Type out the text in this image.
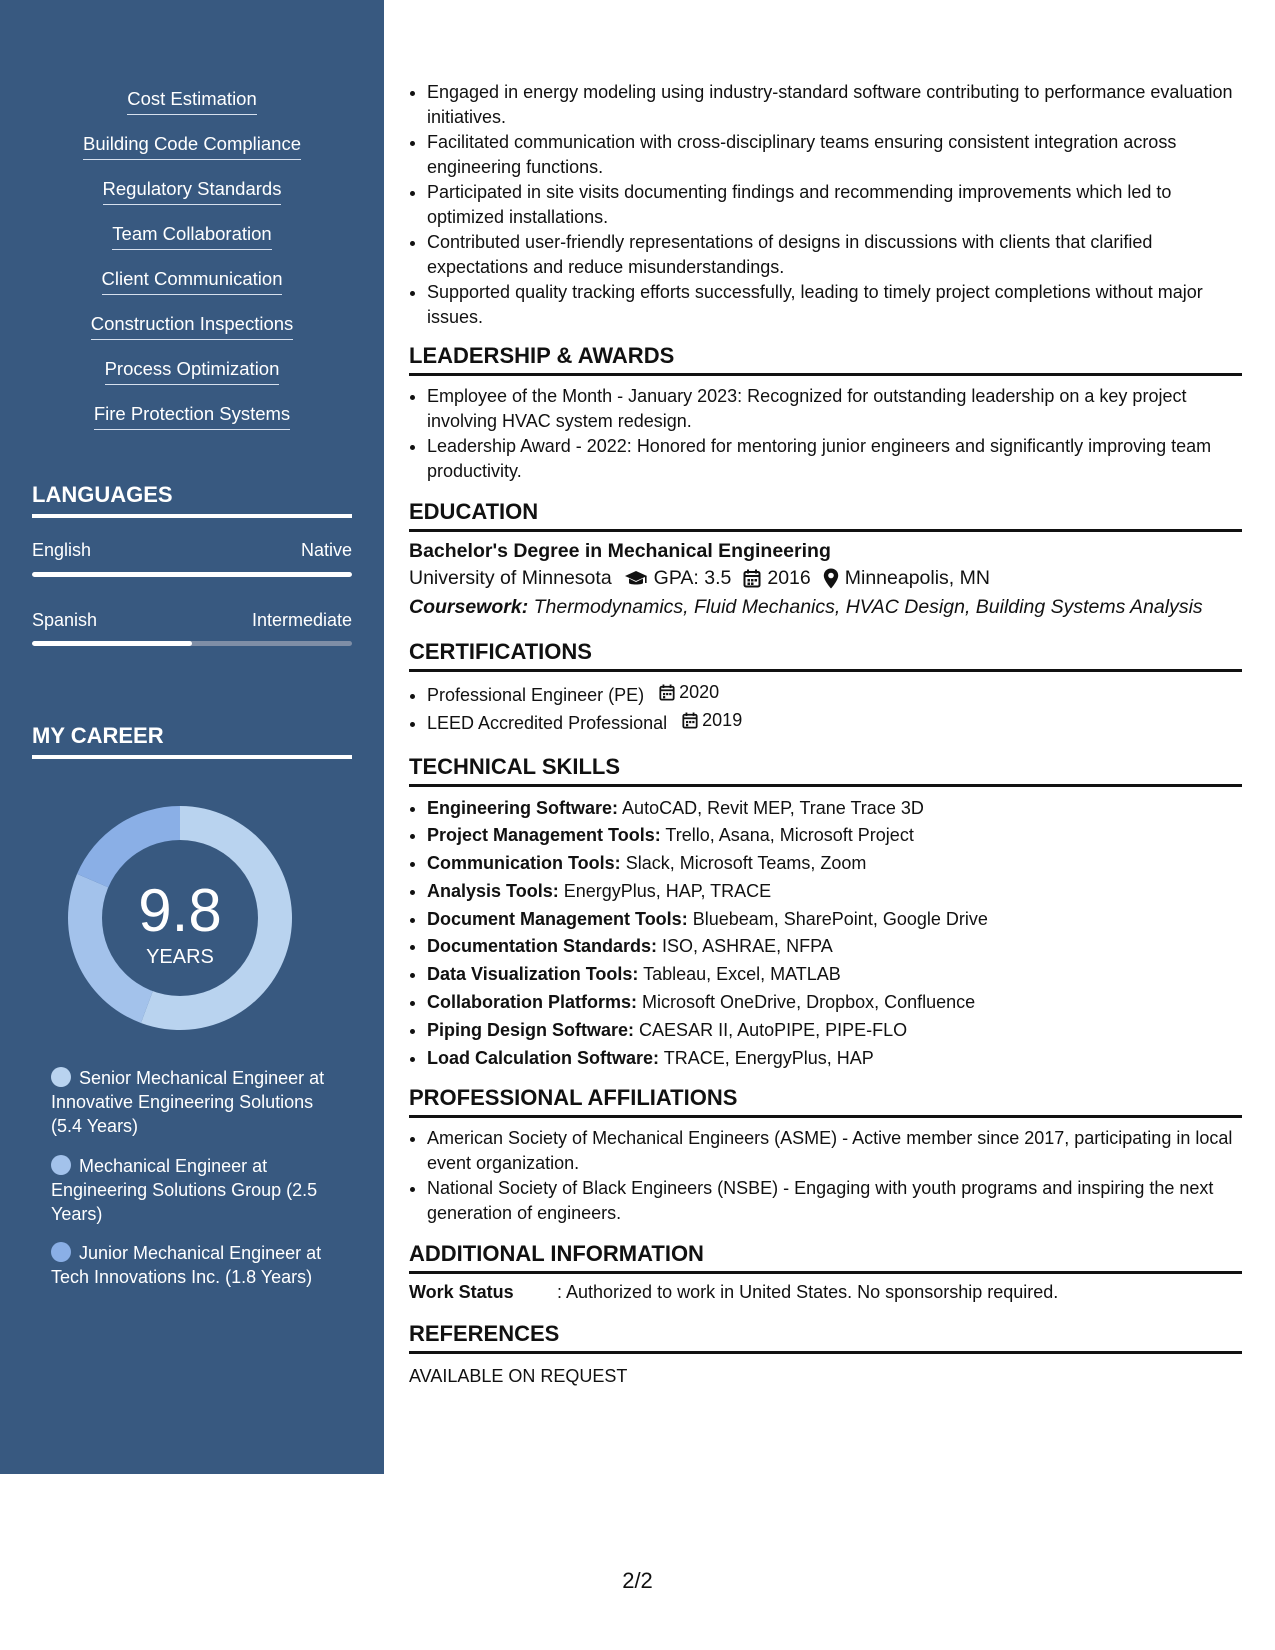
Cost Estimation
Building Code Compliance
Regulatory Standards
Team Collaboration
Client Communication
Construction Inspections
Process Optimization
Fire Protection Systems
LANGUAGES
English	Native
Spanish	Intermediate
MY CAREER
9.8
YEARS
Senior Mechanical Engineer at Innovative Engineering Solutions (5.4 Years)
Mechanical Engineer at Engineering Solutions Group (2.5 Years)
Junior Mechanical Engineer at Tech Innovations Inc. (1.8 Years)
• Engaged in energy modeling using industry-standard software contributing to performance evaluation initiatives.
• Facilitated communication with cross-disciplinary teams ensuring consistent integration across engineering functions.
• Participated in site visits documenting findings and recommending improvements which led to optimized installations.
• Contributed user-friendly representations of designs in discussions with clients that clarified expectations and reduce misunderstandings.
• Supported quality tracking efforts successfully, leading to timely project completions without major issues.
LEADERSHIP & AWARDS
• Employee of the Month - January 2023: Recognized for outstanding leadership on a key project involving HVAC system redesign.
• Leadership Award - 2022: Honored for mentoring junior engineers and significantly improving team productivity.
EDUCATION

Bachelor's Degree in Mechanical Engineering

University of Minnesota GPA: 3.5 2016 Minneapolis, MN

Coursework: Thermodynamics, Fluid Mechanics, HVAC Design, Building Systems Analysis

CERTIFICATIONS
• Professional Engineer (PE) 2020
• LEED Accredited Professional 2019
TECHNICAL SKILLS
• Engineering Software: AutoCAD, Revit MEP, Trane Trace 3D
• Project Management Tools: Trello, Asana, Microsoft Project
• Communication Tools: Slack, Microsoft Teams, Zoom
• Analysis Tools: EnergyPlus, HAP, TRACE
• Document Management Tools: Bluebeam, SharePoint, Google Drive
• Documentation Standards: ISO, ASHRAE, NFPA
• Data Visualization Tools: Tableau, Excel, MATLAB
• Collaboration Platforms: Microsoft OneDrive, Dropbox, Confluence
• Piping Design Software: CAESAR II, AutoPIPE, PIPE-FLO
• Load Calculation Software: TRACE, EnergyPlus, HAP
PROFESSIONAL AFFILIATIONS
• American Society of Mechanical Engineers (ASME) - Active member since 2017, participating in local event organization.
• National Society of Black Engineers (NSBE) - Engaging with youth programs and inspiring the next generation of engineers.
ADDITIONAL INFORMATION
Work Status	: Authorized to work in United States. No sponsorship required.
REFERENCES
AVAILABLE ON REQUEST
2/2
